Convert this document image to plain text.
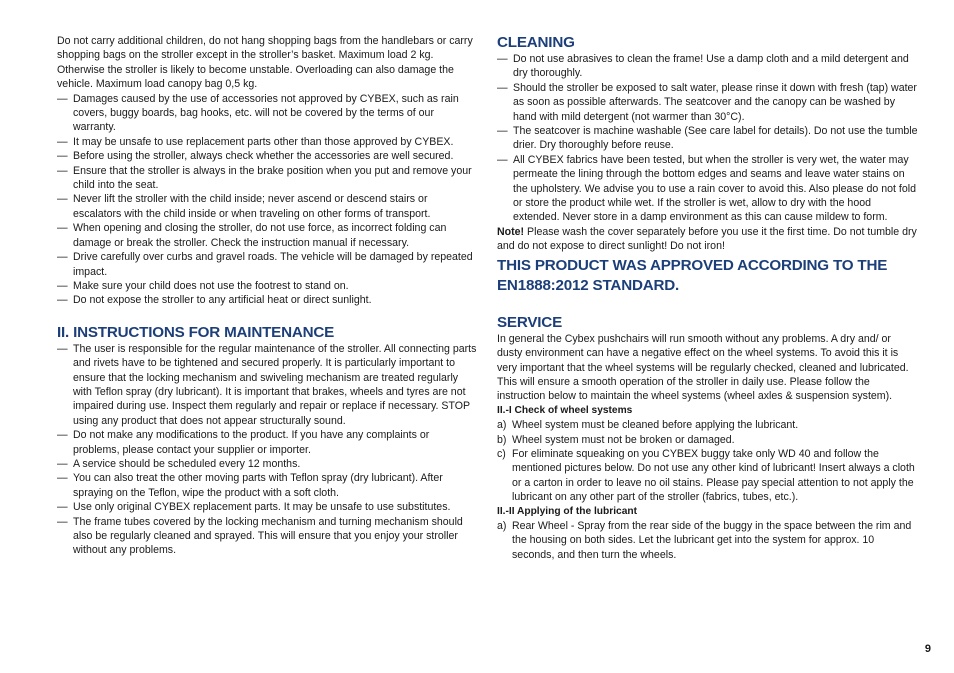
Do not carry additional children, do not hang shopping bags from the handlebars or carry shopping bags on the stroller except in the stroller’s basket. Maximum load 2 kg. Otherwise the stroller is likely to become unstable. Overloading can also damage the vehicle. Maximum load canopy bag 0,5 kg.

— Damages caused by the use of accessories not approved by CYBEX, such as rain covers, buggy boards, bag hooks, etc. will not be covered by the terms of our warranty.
— It may be unsafe to use replacement parts other than those approved by CYBEX.
— Before using the stroller, always check whether the accessories are well secured.
— Ensure that the stroller is always in the brake position when you put and remove your child into the seat.
— Never lift the stroller with the child inside; never ascend or descend stairs or escalators with the child inside or when traveling on other forms of transport.
— When opening and closing the stroller, do not use force, as incorrect folding can damage or break the stroller. Check the instruction manual if necessary.
— Drive carefully over curbs and gravel roads. The vehicle will be damaged by repeated impact.
— Make sure your child does not use the footrest to stand on.
— Do not expose the stroller to any artificial heat or direct sunlight.
II. INSTRUCTIONS FOR MAINTENANCE
— The user is responsible for the regular maintenance of the stroller. All connecting parts and rivets have to be tightened and secured properly. It is particularly important to ensure that the locking mechanism and swiveling mechanism are treated regularly with Teflon spray (dry lubricant). It is important that brakes, wheels and tyres are not impaired during use. Inspect them regularly and repair or replace if necessary. STOP using any product that does not appear structurally sound.
— Do not make any modifications to the product. If you have any complaints or problems, please contact your supplier or importer.
— A service should be scheduled every 12 months.
— You can also treat the other moving parts with Teflon spray (dry lubricant). After spraying on the Teflon, wipe the product with a soft cloth.
— Use only original CYBEX replacement parts. It may be unsafe to use substitutes.
— The frame tubes covered by the locking mechanism and turning mechanism should also be regularly cleaned and sprayed. This will ensure that you enjoy your stroller without any problems.
CLEANING
— Do not use abrasives to clean the frame! Use a damp cloth and a mild detergent and dry thoroughly.
— Should the stroller be exposed to salt water, please rinse it down with fresh (tap) water as soon as possible afterwards. The seatcover and the canopy can be washed by hand with mild detergent (not warmer than 30°C).
— The seatcover is machine washable (See care label for details). Do not use the tumble drier. Dry thoroughly before reuse.
— All CYBEX fabrics have been tested, but when the stroller is very wet, the water may permeate the lining through the bottom edges and seams and leave water stains on the upholstery. We advise you to use a rain cover to avoid this. Also please do not fold or store the product while wet. If the stroller is wet, allow to dry with the hood extended. Never store in a damp environment as this can cause mildew to form.

Note! Please wash the cover separately before you use it the first time. Do not tumble dry and do not expose to direct sunlight! Do not iron!

THIS PRODUCT WAS APPROVED ACCORDING TO THE EN1888:2012 STANDARD.
SERVICE

In general the Cybex pushchairs will run smooth without any problems. A dry and/ or dusty environment can have a negative effect on the wheel systems. To avoid this it is very important that the wheel systems will be regularly checked, cleaned and lubricated. This will ensure a smooth operation of the stroller in daily use. Please follow the instruction below to maintain the wheel systems (wheel axles & suspension system).

II.-I Check of wheel systems
a) Wheel system must be cleaned before applying the lubricant.
b) Wheel system must not be broken or damaged.
c) For eliminate squeaking on you CYBEX buggy take only WD 40 and follow the mentioned pictures below. Do not use any other kind of lubricant! Insert always a cloth or a carton in order to leave no oil stains. Please pay special attention to not apply the lubricant on any other part of the stroller (fabrics, tubes, etc.).
II.-II Applying of the lubricant
a) Rear Wheel - Spray from the rear side of the buggy in the space between the rim and the housing on both sides. Let the lubricant get into the system for approx. 10 seconds, and then turn the wheels.
9
